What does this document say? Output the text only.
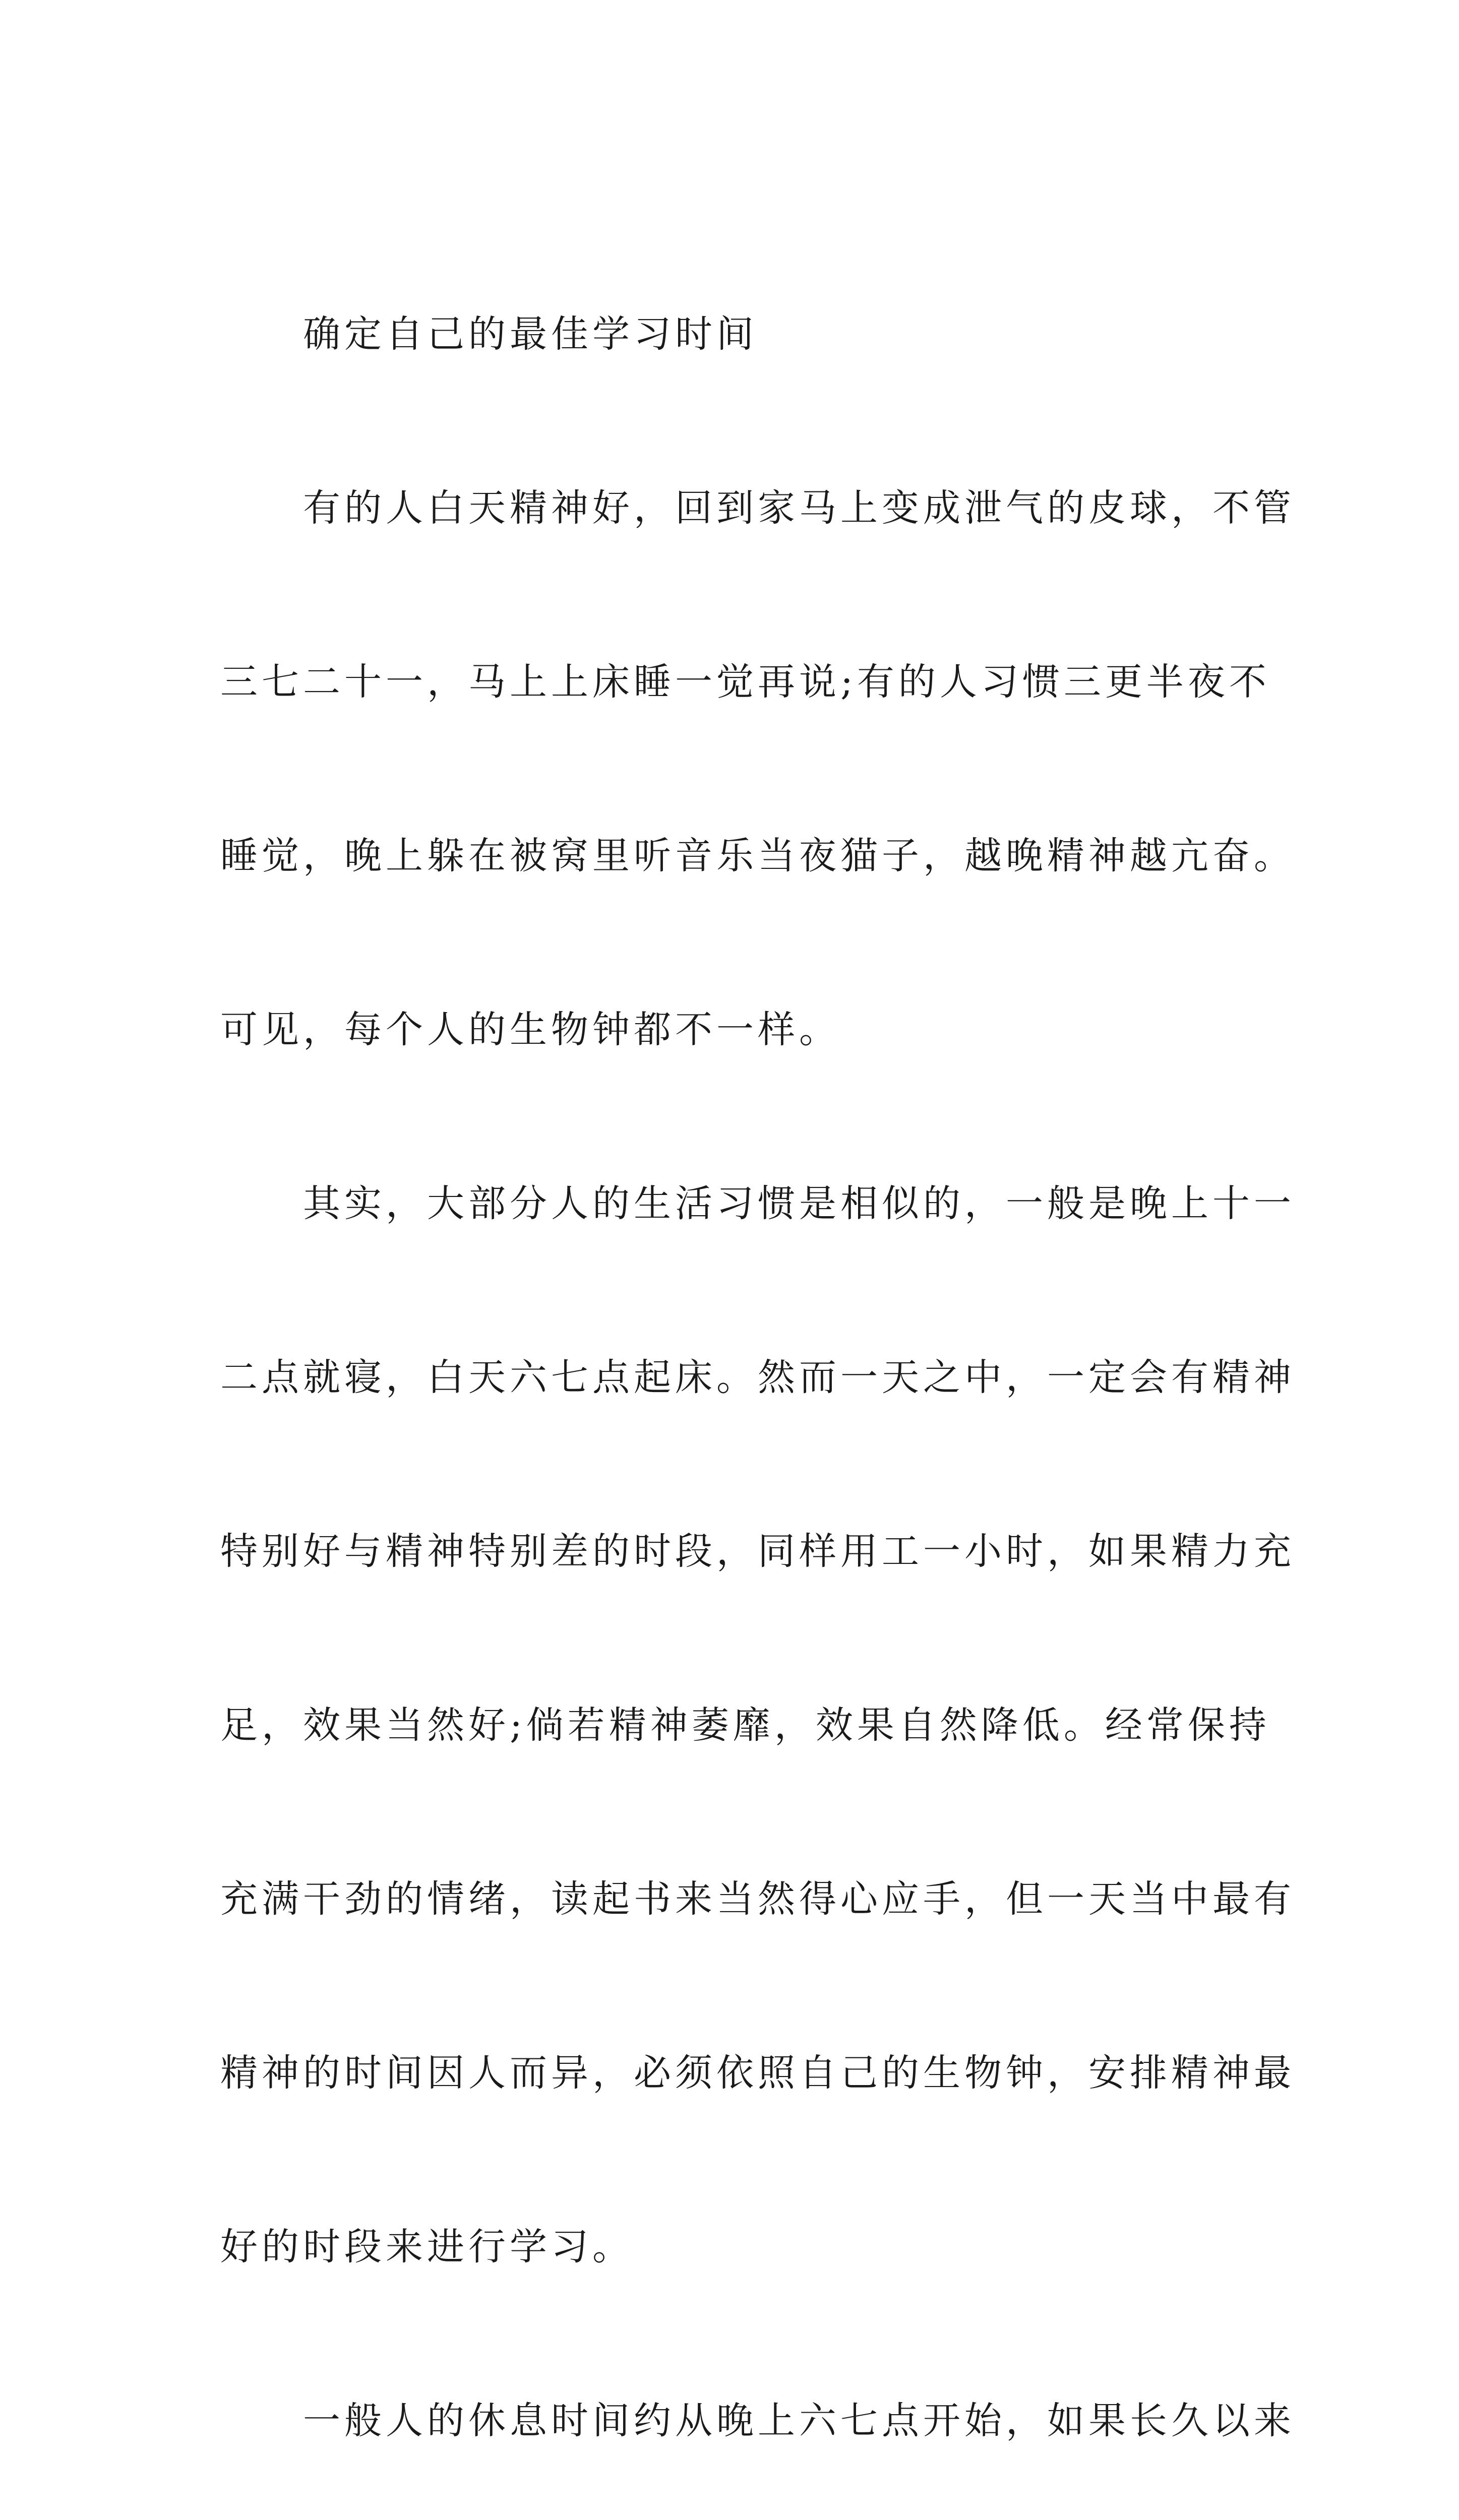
　　确定自己的最佳学习时间

　　有的人白天精神好，回到家马上变成泄气的皮球，不管

三七二十一，马上上床睡一觉再说;有的人习惯三更半夜不

睡觉，晚上躲在被窝里听音乐当夜猫子，越晚精神越亢奋。

可见，每个人的生物钟都不一样。

　　其实，大部分人的生活习惯是相似的，一般是晚上十一

二点就寝，白天六七点起床。然而一天之中，一定会有精神

特别好与精神特别差的时段，同样用工一小时，如果精力充

足，效果当然好;倘若精神萎靡，效果自然降低。经常保持

充满干劲的情绪，读起书来当然得心应手，但一天当中最有

精神的时间因人而异，必须依照自己的生物钟，安排精神最

好的时段来进行学习。

　　一般人的休息时间约从晚上六七点开始，如果长久以来
